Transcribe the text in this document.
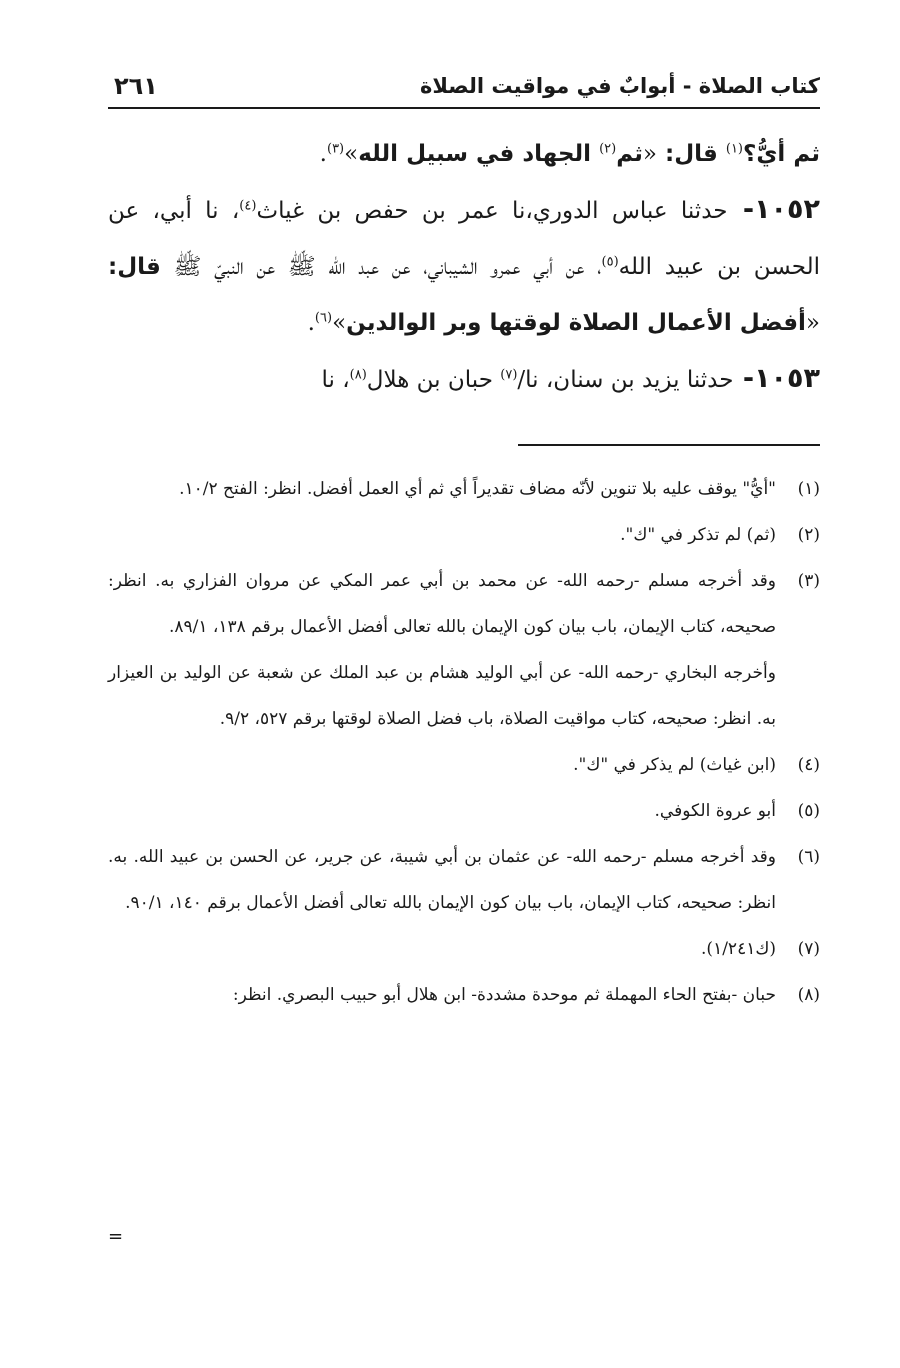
كتاب الصلاة - أبوابٌ في مواقيت الصلاة
٢٦١

ثم أيُّ؟$^{(١)}$ قال: «ثم$^{(٢)}$ الجهاد في سبيل الله»$^{(٣)}$.

١٠٥٢- حدثنا عباس الدوري،نا عمر بن حفص بن غياث$^{(٤)}$، نا أبي، عن الحسن بن عبيد الله$^{(٥)}$، عن أبي عمرو الشيباني، عن عبد الله ﷺ عن النبيّ ﷺ قال: «أفضل الأعمال الصلاة لوقتها وبر الوالدين»$^{(٦)}$.

١٠٥٣- حدثنا يزيد بن سنان، نا/$^{(٧)}$ حبان بن هلال$^{(٨)}$، نا

(١)
"أيُّ" يوقف عليه بلا تنوين لأنّه مضاف تقديراً أي ثم أي العمل أفضل. انظر: الفتح ١٠/٢.

(٢)
(ثم) لم تذكر في "ك".

(٣)
وقد أخرجه مسلم -رحمه الله- عن محمد بن أبي عمر المكي عن مروان الفزاري به. انظر: صحيحه، كتاب الإيمان، باب بيان كون الإيمان بالله تعالى أفضل الأعمال برقم ١٣٨، ٨٩/١.

وأخرجه البخاري -رحمه الله- عن أبي الوليد هشام بن عبد الملك عن شعبة عن الوليد بن العيزار به. انظر: صحيحه، كتاب مواقيت الصلاة، باب فضل الصلاة لوقتها برقم ٥٢٧، ٩/٢.

(٤)
(ابن غياث) لم يذكر في "ك".

(٥)
أبو عروة الكوفي.

(٦)
وقد أخرجه مسلم -رحمه الله- عن عثمان بن أبي شيبة، عن جرير، عن الحسن بن عبيد الله. به. انظر: صحيحه، كتاب الإيمان، باب بيان كون الإيمان بالله تعالى أفضل الأعمال برقم ١٤٠، ٩٠/١.

(٧)
(ك١/٢٤١).

(٨)
حبان -بفتح الحاء المهملة ثم موحدة مشددة- ابن هلال أبو حبيب البصري. انظر:

=
